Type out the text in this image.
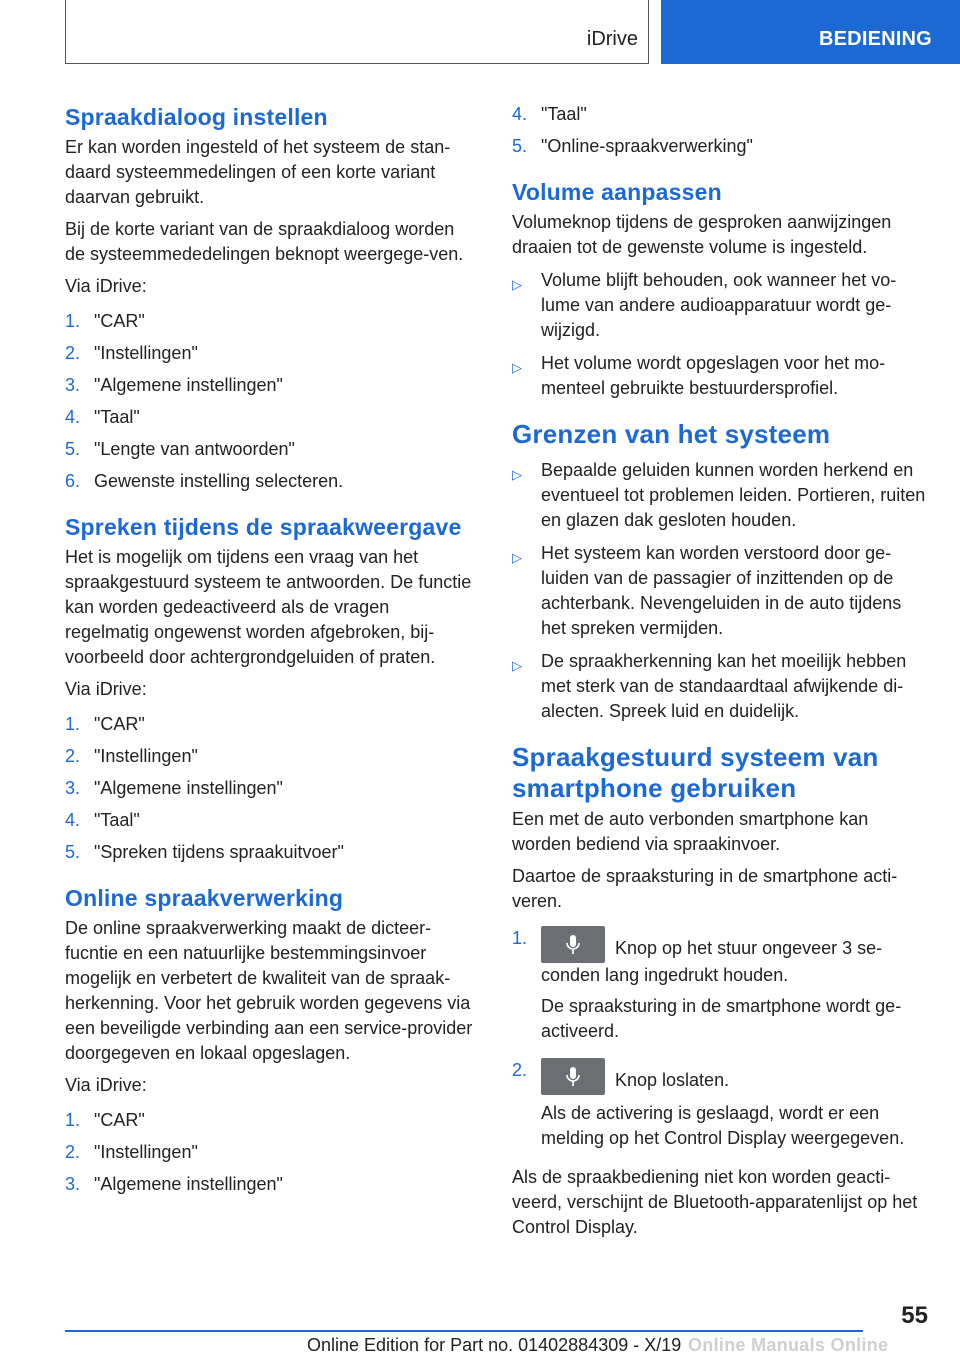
iDrive	BEDIENING
Spraakdialoog instellen

Er kan worden ingesteld of het systeem de stan-daard systeemmedelingen of een korte variant daarvan gebruikt.

Bij de korte variant van de spraakdialoog worden de systeemmededelingen beknopt weergege-ven.

Via iDrive:

1. "CAR"
2. "Instellingen"
3. "Algemene instellingen"
4. "Taal"
5. "Lengte van antwoorden"
6. Gewenste instelling selecteren.
Spreken tijdens de spraakweergave

Het is mogelijk om tijdens een vraag van het spraakgestuurd systeem te antwoorden. De functie kan worden gedeactiveerd als de vragen regelmatig ongewenst worden afgebroken, bij-voorbeeld door achtergrondgeluiden of praten.

Via iDrive:

1. "CAR"
2. "Instellingen"
3. "Algemene instellingen"
4. "Taal"
5. "Spreken tijdens spraakuitvoer"
Online spraakverwerking

De online spraakverwerking maakt de dicteer-fucntie en een natuurlijke bestemmingsinvoer mogelijk en verbetert de kwaliteit van de spraak-herkenning. Voor het gebruik worden gegevens via een beveiligde verbinding aan een service-provider doorgegeven en lokaal opgeslagen.

Via iDrive:

1. "CAR"
2. "Instellingen"
3. "Algemene instellingen"
4. "Taal"
5. "Online-spraakverwerking"
Volume aanpassen

Volumeknop tijdens de gesproken aanwijzingen draaien tot de gewenste volume is ingesteld.

▷	Volume blijft behouden, ook wanneer het vo-lume van andere audioapparatuur wordt ge-wijzigd.
▷	Het volume wordt opgeslagen voor het mo-menteel gebruikte bestuurdersprofiel.
Grenzen van het systeem
▷	Bepaalde geluiden kunnen worden herkend en eventueel tot problemen leiden. Portieren, ruiten en glazen dak gesloten houden.
▷	Het systeem kan worden verstoord door ge-luiden van de passagier of inzittenden op de achterbank. Nevengeluiden in de auto tijdens het spreken vermijden.
▷	De spraakherkenning kan het moeilijk hebben met sterk van de standaardtaal afwijkende di-alecten. Spreek luid en duidelijk.
Spraakgestuurd systeem van smartphone gebruiken

Een met de auto verbonden smartphone kan worden bediend via spraakinvoer.

Daartoe de spraaksturing in de smartphone acti-veren.

1.	Knop op het stuur ongeveer 3 se-conden lang ingedrukt houden.

De spraaksturing in de smartphone wordt ge-activeerd.

2.	Knop loslaten.

Als de activering is geslaagd, wordt er een melding op het Control Display weergegeven.

Als de spraakbediening niet kon worden geacti-veerd, verschijnt de Bluetooth-apparatenlijst op het Control Display.

55
Online Edition for Part no. 01402884309 - X/19 Online Manuals Online
